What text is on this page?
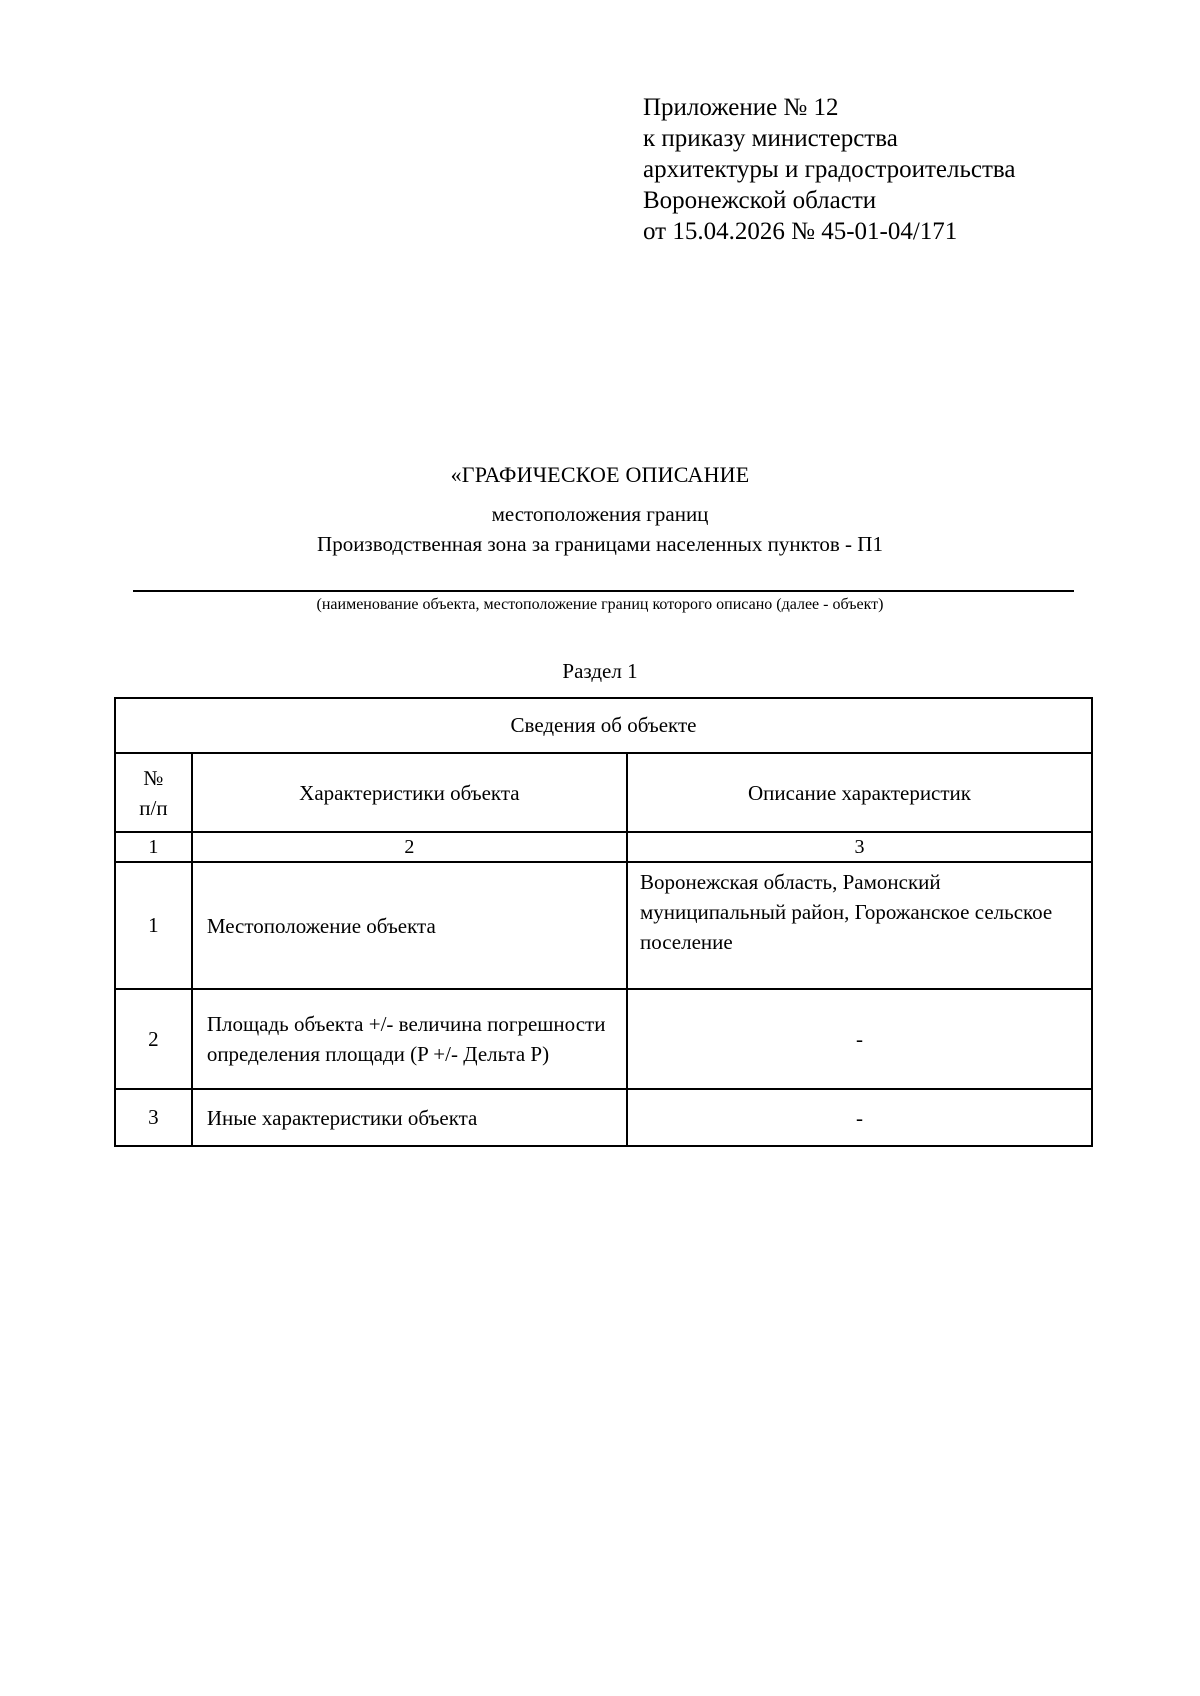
Приложение № 12
к приказу министерства
архитектуры и градостроительства
Воронежской области
от 15.04.2026 № 45-01-04/171
«ГРАФИЧЕСКОЕ ОПИСАНИЕ
местоположения границ
Производственная зона за границами населенных пунктов - П1
(наименование объекта, местоположение границ которого описано (далее - объект)
Раздел 1
Сведения об объекте		

№
п/п	Характеристики объекта	Описание характеристик
1	2	3
1	Местоположение объекта	Воронежская область, Рамонский муниципальный район, Горожанское сельское поселение
2	Площадь объекта +/- величина погрешности определения площади (P +/- Дельта P)	-
3	Иные характеристики объекта	-
